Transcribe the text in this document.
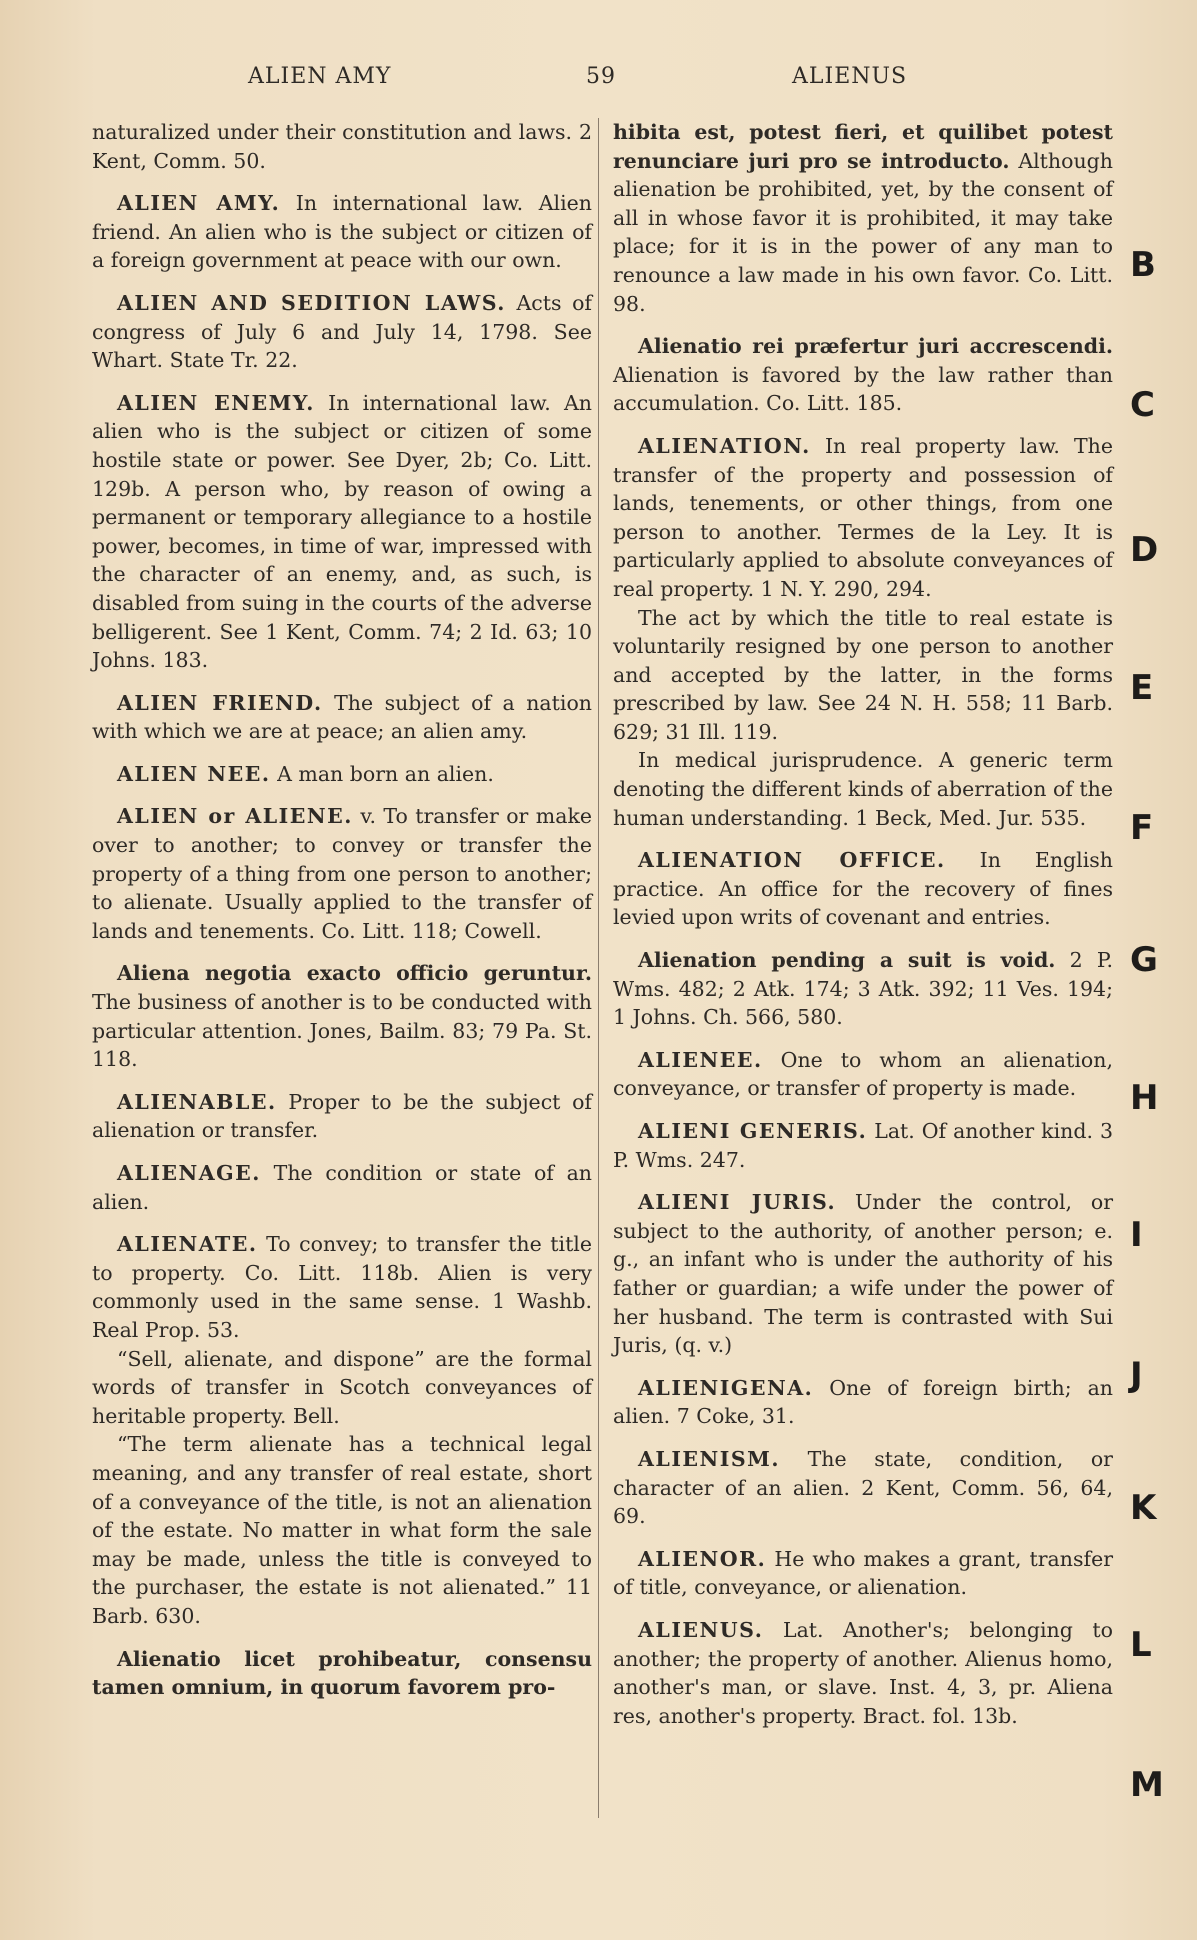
ALIEN AMY	59	ALIENUS

naturalized under their constitution and laws. 2 Kent, Comm. 50.

ALIEN AMY. In international law. Alien friend. An alien who is the subject or citizen of a foreign government at peace with our own.

ALIEN AND SEDITION LAWS. Acts of congress of July 6 and July 14, 1798. See Whart. State Tr. 22.

ALIEN ENEMY. In international law. An alien who is the subject or citizen of some hostile state or power. See Dyer, 2b; Co. Litt. 129b. A person who, by reason of owing a permanent or temporary allegiance to a hostile power, becomes, in time of war, impressed with the character of an enemy, and, as such, is disabled from suing in the courts of the adverse belligerent. See 1 Kent, Comm. 74; 2 Id. 63; 10 Johns. 183.

ALIEN FRIEND. The subject of a nation with which we are at peace; an alien amy.

ALIEN NEE. A man born an alien.

ALIEN or ALIENE. v. To transfer or make over to another; to convey or transfer the property of a thing from one person to another; to alienate. Usually applied to the transfer of lands and tenements. Co. Litt. 118; Cowell.

Aliena negotia exacto officio geruntur. The business of another is to be conducted with particular attention. Jones, Bailm. 83; 79 Pa. St. 118.

ALIENABLE. Proper to be the subject of alienation or transfer.

ALIENAGE. The condition or state of an alien.

ALIENATE. To convey; to transfer the title to property. Co. Litt. 118b. Alien is very commonly used in the same sense. 1 Washb. Real Prop. 53.

“Sell, alienate, and dispone” are the formal words of transfer in Scotch conveyances of heritable property. Bell.

“The term alienate has a technical legal meaning, and any transfer of real estate, short of a conveyance of the title, is not an alienation of the estate. No matter in what form the sale may be made, unless the title is conveyed to the purchaser, the estate is not alienated.” 11 Barb. 630.

Alienatio licet prohibeatur, consensu tamen omnium, in quorum favorem pro-

hibita est, potest fieri, et quilibet potest renunciare juri pro se introducto. Although alienation be prohibited, yet, by the consent of all in whose favor it is prohibited, it may take place; for it is in the power of any man to renounce a law made in his own favor. Co. Litt. 98.

Alienatio rei præfertur juri accrescendi. Alienation is favored by the law rather than accumulation. Co. Litt. 185.

ALIENATION. In real property law. The transfer of the property and possession of lands, tenements, or other things, from one person to another. Termes de la Ley. It is particularly applied to absolute conveyances of real property. 1 N. Y. 290, 294.

The act by which the title to real estate is voluntarily resigned by one person to another and accepted by the latter, in the forms prescribed by law. See 24 N. H. 558; 11 Barb. 629; 31 Ill. 119.

In medical jurisprudence. A generic term denoting the different kinds of aberration of the human understanding. 1 Beck, Med. Jur. 535.

ALIENATION OFFICE. In English practice. An office for the recovery of fines levied upon writs of covenant and entries.

Alienation pending a suit is void. 2 P. Wms. 482; 2 Atk. 174; 3 Atk. 392; 11 Ves. 194; 1 Johns. Ch. 566, 580.

ALIENEE. One to whom an alienation, conveyance, or transfer of property is made.

ALIENI GENERIS. Lat. Of another kind. 3 P. Wms. 247.

ALIENI JURIS. Under the control, or subject to the authority, of another person; e. g., an infant who is under the authority of his father or guardian; a wife under the power of her husband. The term is contrasted with Sui Juris, (q. v.)

ALIENIGENA. One of foreign birth; an alien. 7 Coke, 31.

ALIENISM. The state, condition, or character of an alien. 2 Kent, Comm. 56, 64, 69.

ALIENOR. He who makes a grant, transfer of title, conveyance, or alienation.

ALIENUS. Lat. Another's; belonging to another; the property of another. Alienus homo, another's man, or slave. Inst. 4, 3, pr. Aliena res, another's property. Bract. fol. 13b.

B
C
D
E
F
G
H
I
J
K
L
M
